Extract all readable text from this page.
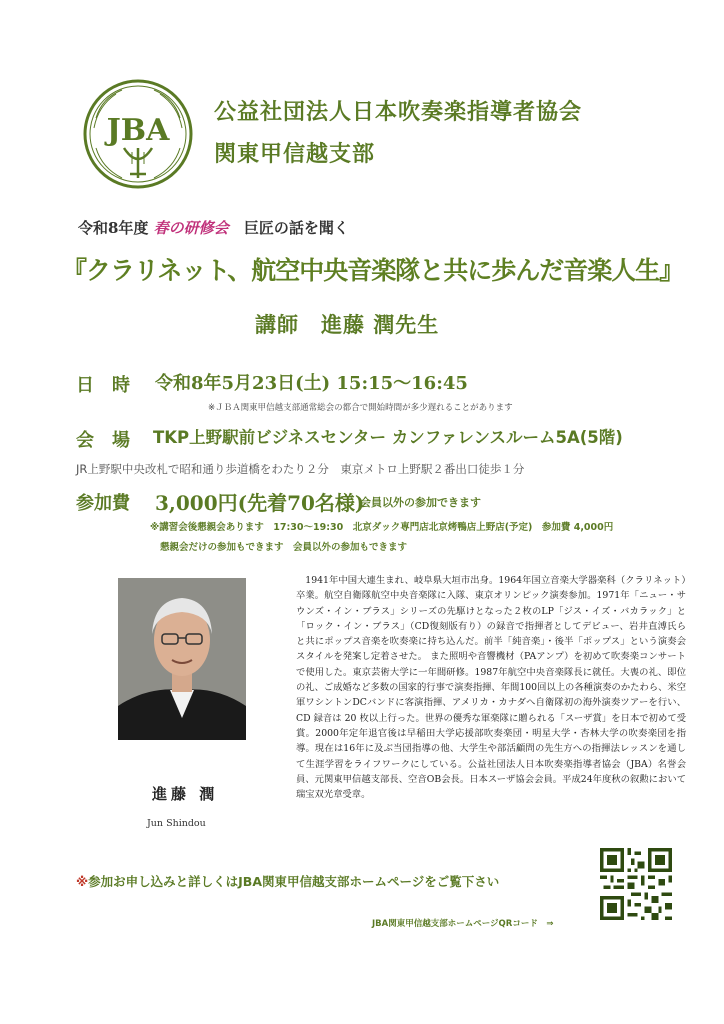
JBA
公益社団法人日本吹奏楽指導者協会
関東甲信越支部
令和8年度 春の研修会 巨匠の話を聞く
『クラリネット、航空中央音楽隊と共に歩んだ音楽人生』
講師　進藤 潤先生
日　時 令和8年5月23日(土) 15:15～16:45
※ＪＢＡ関東甲信越支部通常総会の都合で開始時間が多少遅れることがあります
会　場 TKP上野駅前ビジネスセンター カンファレンスルーム5A(5階)
JR上野駅中央改札で昭和通り歩道橋をわたり２分　東京メトロ上野駅２番出口徒歩１分
参加費 3,000円(先着70名様)
会員以外の参加できます
※講習会後懇親会あります　17:30～19:30　北京ダック専門店北京烤鴨店上野店(予定)　参加費 4,000円
懇親会だけの参加もできます　会員以外の参加もできます
進藤 潤
Jun Shindou

1941年中国大連生まれ、岐阜県大垣市出身。1964年国立音楽大学器楽科（クラリネット）卒業。航空自衛隊航空中央音楽隊に入隊、東京オリンピック演奏参加。1971年「ニュー・サウンズ・イン・ブラス」シリーズの先駆けとなった２枚のLP「ジス・イズ・バカラック」と「ロック・イン・ブラス」（CD復刻版有り）の録音で指揮者としてデビュー、岩井直溥氏らと共にポップス音楽を吹奏楽に持ち込んだ。前半「純音楽」・後半「ポップス」という演奏会スタイルを発案し定着させた。 また照明や音響機材（PAアンプ）を初めて吹奏楽コンサートで使用した。東京芸術大学に一年間研修。1987年航空中央音楽隊長に就任。大喪の礼、即位の礼、ご成婚など多数の国家的行事で演奏指揮、年間100回以上の各種演奏のかたわら、米空軍ワシントンDCバンドに客演指揮、アメリカ・カナダへ自衛隊初の海外演奏ツアーを行い、CD 録音は 20 枚以上行った。世界の優秀な軍楽隊に贈られる「スーザ賞」を日本で初めて受賞。2000年定年退官後は早稲田大学応援部吹奏楽団・明星大学・杏林大学の吹奏楽団を指導。現在は16年に及ぶ当団指導の他、大学生や部活顧問の先生方への指揮法レッスンを通して生涯学習をライフワークにしている。公益社団法人日本吹奏楽指導者協会（JBA）名誉会員、元関東甲信越支部長、空音OB会長。日本スーザ協会会員。平成24年度秋の叙勲において瑞宝双光章受章。

※参加お申し込みと詳しくはJBA関東甲信越支部ホームページをご覧下さい
JBA関東甲信越支部ホームページQRコード　⇒
